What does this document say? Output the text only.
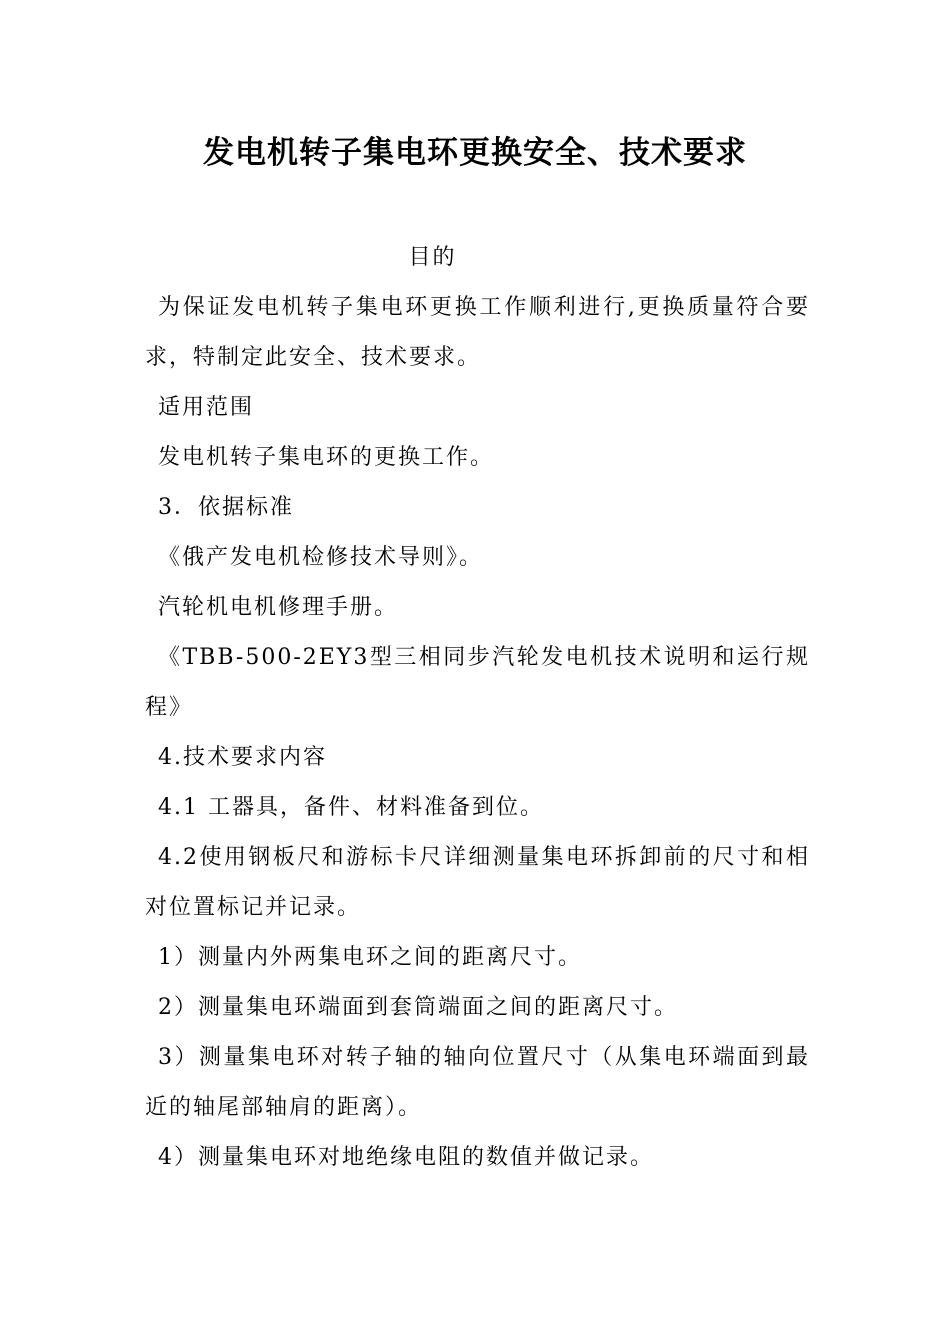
发电机转子集电环更换安全、技术要求

目的

为保证发电机转子集电环更换工作顺利进行,更换质量符合要求，特制定此安全、技术要求。

适用范围

发电机转子集电环的更换工作。

3．依据标准

《俄产发电机检修技术导则》。

汽轮机电机修理手册。

《TBB-500-2EY3型三相同步汽轮发电机技术说明和运行规程》

4.技术要求内容

4.1 工器具，备件、材料准备到位。

4.2使用钢板尺和游标卡尺详细测量集电环拆卸前的尺寸和相对位置标记并记录。

1）测量内外两集电环之间的距离尺寸。

2）测量集电环端面到套筒端面之间的距离尺寸。

3）测量集电环对转子轴的轴向位置尺寸（从集电环端面到最近的轴尾部轴肩的距离）。

4）测量集电环对地绝缘电阻的数值并做记录。
